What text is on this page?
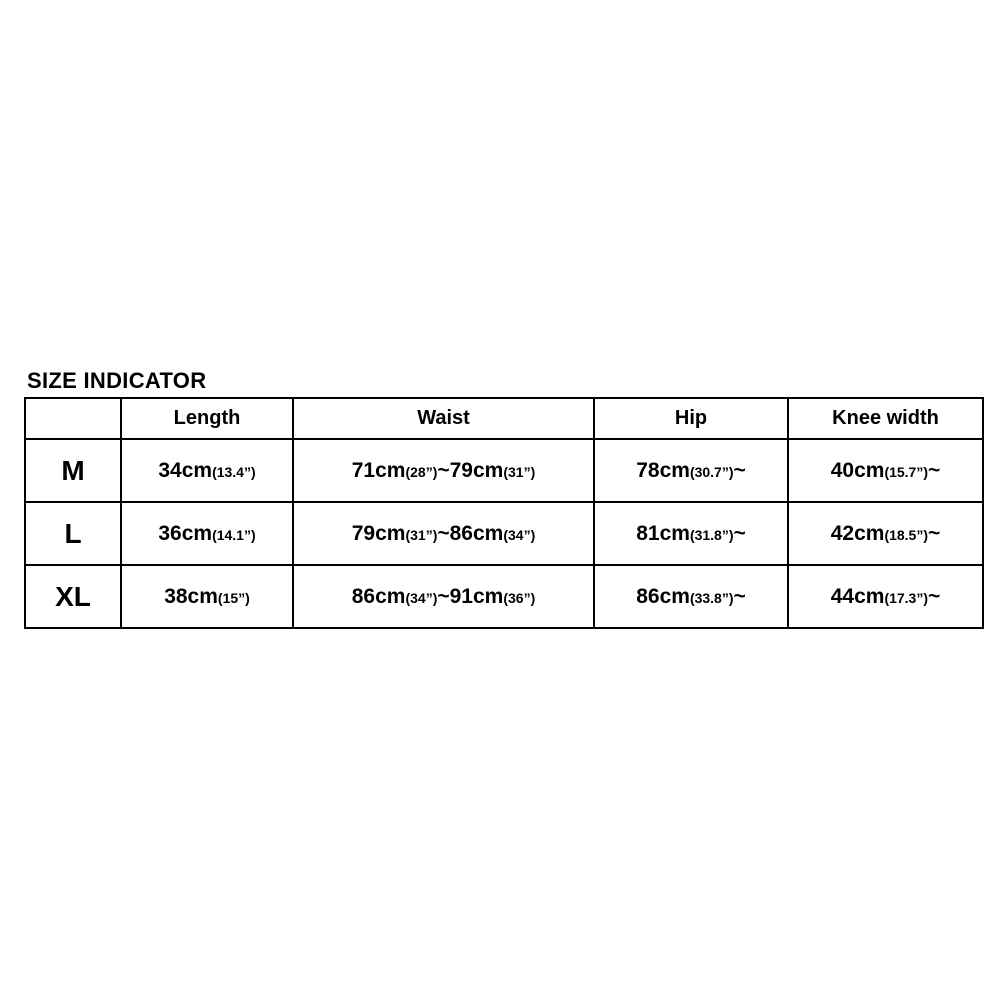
SIZE INDICATOR
	Length	Waist	Hip	Knee width
M	34cm(13.4”)	71cm(28”)~79cm(31”)	78cm(30.7”)~	40cm(15.7”)~
L	36cm(14.1”)	79cm(31”)~86cm(34”)	81cm(31.8”)~	42cm(18.5”)~
XL	38cm(15”)	86cm(34”)~91cm(36”)	86cm(33.8”)~	44cm(17.3”)~
